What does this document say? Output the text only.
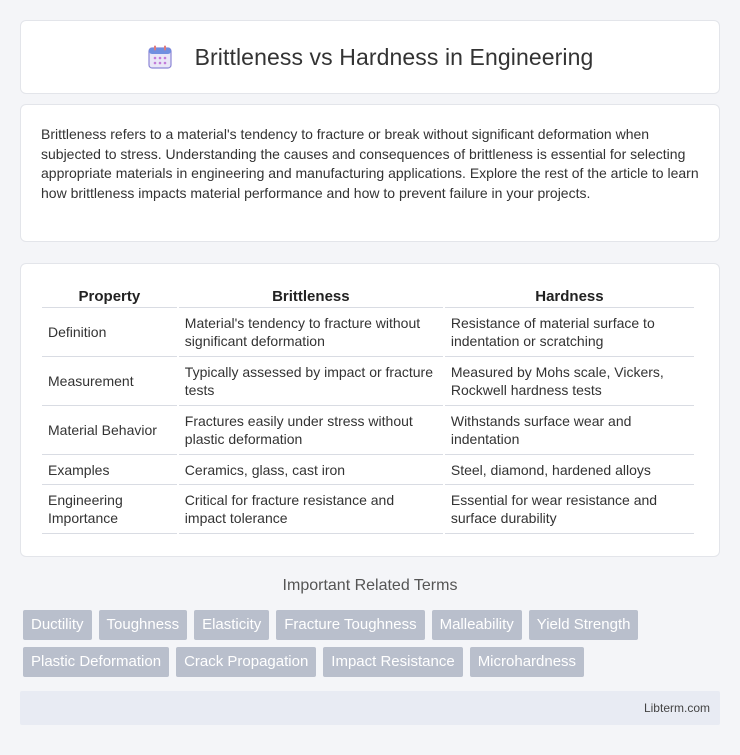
Brittleness vs Hardness in Engineering

Brittleness refers to a material's tendency to fracture or break without significant deformation when subjected to stress. Understanding the causes and consequences of brittleness is essential for selecting appropriate materials in engineering and manufacturing applications. Explore the rest of the article to learn how brittleness impacts material performance and how to prevent failure in your projects.

Property	Brittleness	Hardness
Definition	Material's tendency to fracture without significant deformation	Resistance of material surface to indentation or scratching
Measurement	Typically assessed by impact or fracture tests	Measured by Mohs scale, Vickers, Rockwell hardness tests
Material Behavior	Fractures easily under stress without plastic deformation	Withstands surface wear and indentation
Examples	Ceramics, glass, cast iron	Steel, diamond, hardened alloys
Engineering Importance	Critical for fracture resistance and impact tolerance	Essential for wear resistance and surface durability
Important Related Terms
Ductility	Toughness	Elasticity	Fracture Toughness	Malleability	Yield Strength
Plastic Deformation	Crack Propagation	Impact Resistance	Microhardness
Libterm.com
